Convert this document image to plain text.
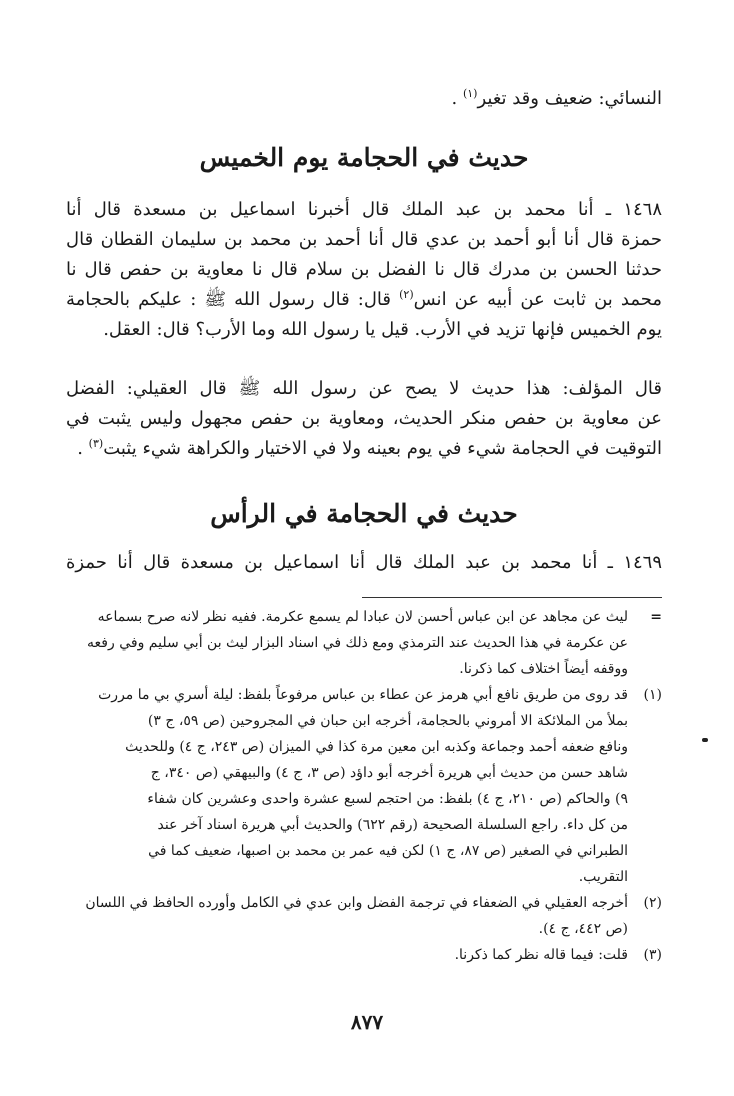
النسائي: ضعيف وقد تغير$^{(١)}$ .
حديث في الحجامة يوم الخميس
١٤٦٨ ـ أنا محمد بن عبد الملك قال أخبرنا اسماعيل بن مسعدة قال أنا
حمزة قال أنا أبو أحمد بن عدي قال أنا أحمد بن محمد بن سليمان القطان قال
حدثنا الحسن بن مدرك قال نا الفضل بن سلام قال نا معاوية بن حفص قال نا
محمد بن ثابت عن أبيه عن انس$^{(٢)}$ قال: قال رسول الله ﷺ : عليكم بالحجامة
يوم الخميس فإنها تزيد في الأرب. قيل يا رسول الله وما الأرب؟ قال: العقل.
قال المؤلف: هذا حديث لا يصح عن رسول الله ﷺ قال العقيلي: الفضل
عن معاوية بن حفص منكر الحديث، ومعاوية بن حفص مجهول وليس يثبت في
التوقيت في الحجامة شيء في يوم بعينه ولا في الاختيار والكراهة شيء يثبت$^{(٣)}$ .
حديث في الحجامة في الرأس
١٤٦٩ ـ أنا محمد بن عبد الملك قال أنا اسماعيل بن مسعدة قال أنا حمزة
=ليث عن مجاهد عن ابن عباس أحسن لان عبادا لم يسمع عكرمة. ففيه نظر لانه صرح بسماعه
عن عكرمة في هذا الحديث عند الترمذي ومع ذلك في اسناد البزار ليث بن أبي سليم وفي رفعه
ووقفه أيضاً اختلاف كما ذكرنا.
(١)قد روى من طريق نافع أبي هرمز عن عطاء بن عباس مرفوعاً بلفظ: ليلة أسري بي ما مررت
بملأ من الملائكة الا أمروني بالحجامة، أخرجه ابن حبان في المجروحين (ص ٥٩، ج ٣)
ونافع ضعفه أحمد وجماعة وكذبه ابن معين مرة كذا في الميزان (ص ٢٤٣، ج ٤) وللحديث
شاهد حسن من حديث أبي هريرة أخرجه أبو داؤد (ص ٣، ج ٤) والبيهقي (ص ٣٤٠، ج
٩) والحاكم (ص ٢١٠، ج ٤) بلفظ: من احتجم لسبع عشرة واحدى وعشرين كان شفاء
من كل داء. راجع السلسلة الصحيحة (رقم ٦٢٢) والحديث أبي هريرة اسناد آخر عند
الطبراني في الصغير (ص ٨٧، ج ١) لكن فيه عمر بن محمد بن اصبها، ضعيف كما في
التقريب.
(٢)أخرجه العقيلي في الضعفاء في ترجمة الفضل وابن عدي في الكامل وأورده الحافظ في اللسان
(ص ٤٤٢، ج ٤).
(٣)قلت: فيما قاله نظر كما ذكرنا.
٨٧٧
